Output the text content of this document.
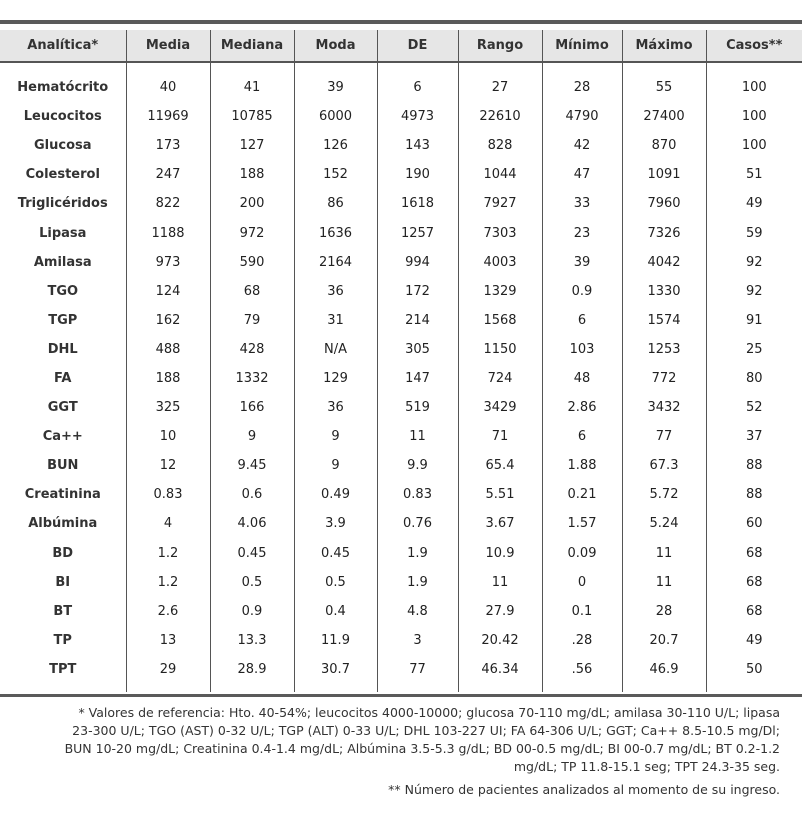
Analítica*	Media	Mediana	Moda	DE	Rango	Mínimo	Máximo	Casos**
Hematócrito	40	41	39	6	27	28	55	100
Leucocitos	11969	10785	6000	4973	22610	4790	27400	100
Glucosa	173	127	126	143	828	42	870	100
Colesterol	247	188	152	190	1044	47	1091	51
Triglicéridos	822	200	86	1618	7927	33	7960	49
Lipasa	1188	972	1636	1257	7303	23	7326	59
Amilasa	973	590	2164	994	4003	39	4042	92
TGO	124	68	36	172	1329	0.9	1330	92
TGP	162	79	31	214	1568	6	1574	91
DHL	488	428	N/A	305	1150	103	1253	25
FA	188	1332	129	147	724	48	772	80
GGT	325	166	36	519	3429	2.86	3432	52
Ca++	10	9	9	11	71	6	77	37
BUN	12	9.45	9	9.9	65.4	1.88	67.3	88
Creatinina	0.83	0.6	0.49	0.83	5.51	0.21	5.72	88
Albúmina	4	4.06	3.9	0.76	3.67	1.57	5.24	60
BD	1.2	0.45	0.45	1.9	10.9	0.09	11	68
BI	1.2	0.5	0.5	1.9	11	0	11	68
BT	2.6	0.9	0.4	4.8	27.9	0.1	28	68
TP	13	13.3	11.9	3	20.42	.28	20.7	49
TPT	29	28.9	30.7	77	46.34	.56	46.9	50

* Valores de referencia: Hto. 40-54%; leucocitos 4000-10000; glucosa 70-110 mg/dL; amilasa 30-110 U/L; lipasa 23-300 U/L; TGO (AST) 0-32 U/L; TGP (ALT) 0-33 U/L; DHL 103-227 UI; FA 64-306 U/L; GGT; Ca++ 8.5-10.5 mg/Dl; BUN 10-20 mg/dL; Creatinina 0.4-1.4 mg/dL; Albúmina 3.5-5.3 g/dL; BD 00-0.5 mg/dL; BI 00-0.7 mg/dL; BT 0.2-1.2 mg/dL; TP 11.8-15.1 seg; TPT 24.3-35 seg.

** Número de pacientes analizados al momento de su ingreso.
